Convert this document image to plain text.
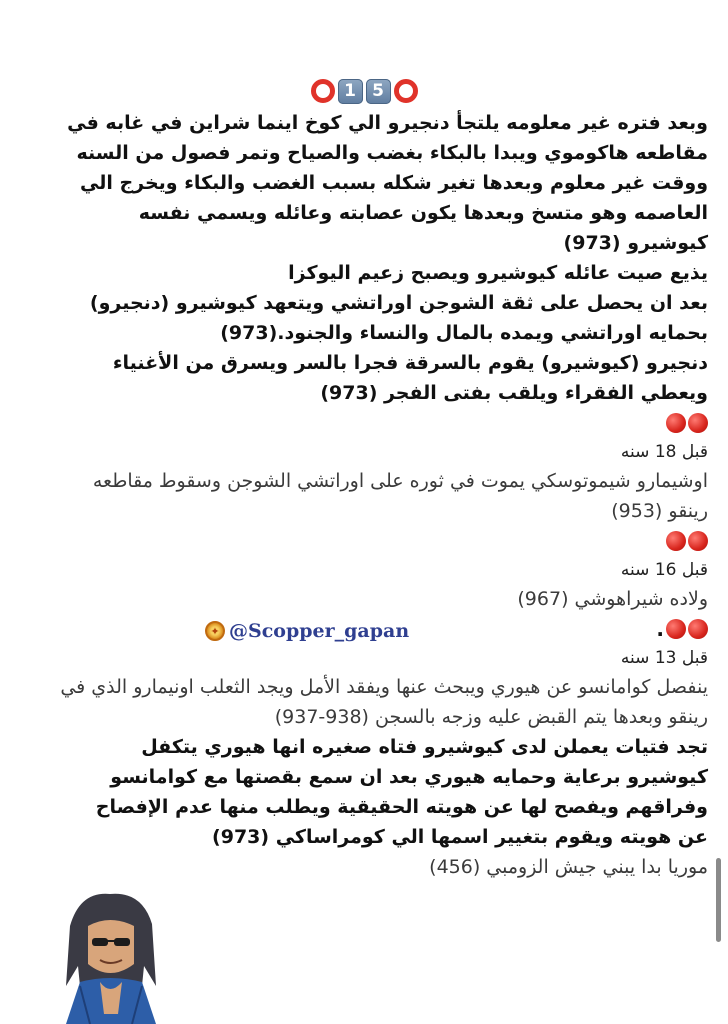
1 5

وبعد فتره غير معلومه يلتجأ دنجيرو الي كوخ اينما شراين في غابه في مقاطعه هاكوموي ويبدا بالبكاء بغضب والصياح وتمر فصول من السنه ووقت غير معلوم وبعدها تغير شكله بسبب الغضب والبكاء ويخرج الي العاصمه وهو متسخ وبعدها يكون عصابته وعائله ويسمي نفسه كيوشيرو (973)

يذيع صيت عائله كيوشيرو ويصبح زعيم اليوكزا

بعد ان يحصل على ثقة الشوجن اوراتشي ويتعهد كيوشيرو (دنجيرو) بحمايه اوراتشي ويمده بالمال والنساء والجنود.(973)

دنجيرو (كيوشيرو) يقوم بالسرقة فجرا بالسر ويسرق من الأغنياء ويعطي الفقراء ويلقب بفتى الفجر (973)

قبل 18 سنه

اوشيمارو شيموتوسكي يموت في ثوره على اوراتشي الشوجن وسقوط مقاطعه رينقو (953)

قبل 16 سنه

ولاده شيراهوشي (967)

.

قبل 13 سنه

ينفصل كوامانسو عن هيوري ويبحث عنها ويفقد الأمل ويجد الثعلب اونيمارو الذي في رينقو وبعدها يتم القبض عليه وزجه بالسجن (938-937)

تجد فتيات يعملن لدى كيوشيرو فتاه صغيره انها هيوري يتكفل كيوشيرو برعاية وحمايه هيوري بعد ان سمع بقصتها مع كوامانسو وفراقهم ويفصح لها عن هويته الحقيقية ويطلب منها عدم الإفصاح عن هويته ويقوم بتغيير اسمها الي كومراساكي (973)

موريا بدا يبني جيش الزومبي (456)

✦ @Scopper_gapan
